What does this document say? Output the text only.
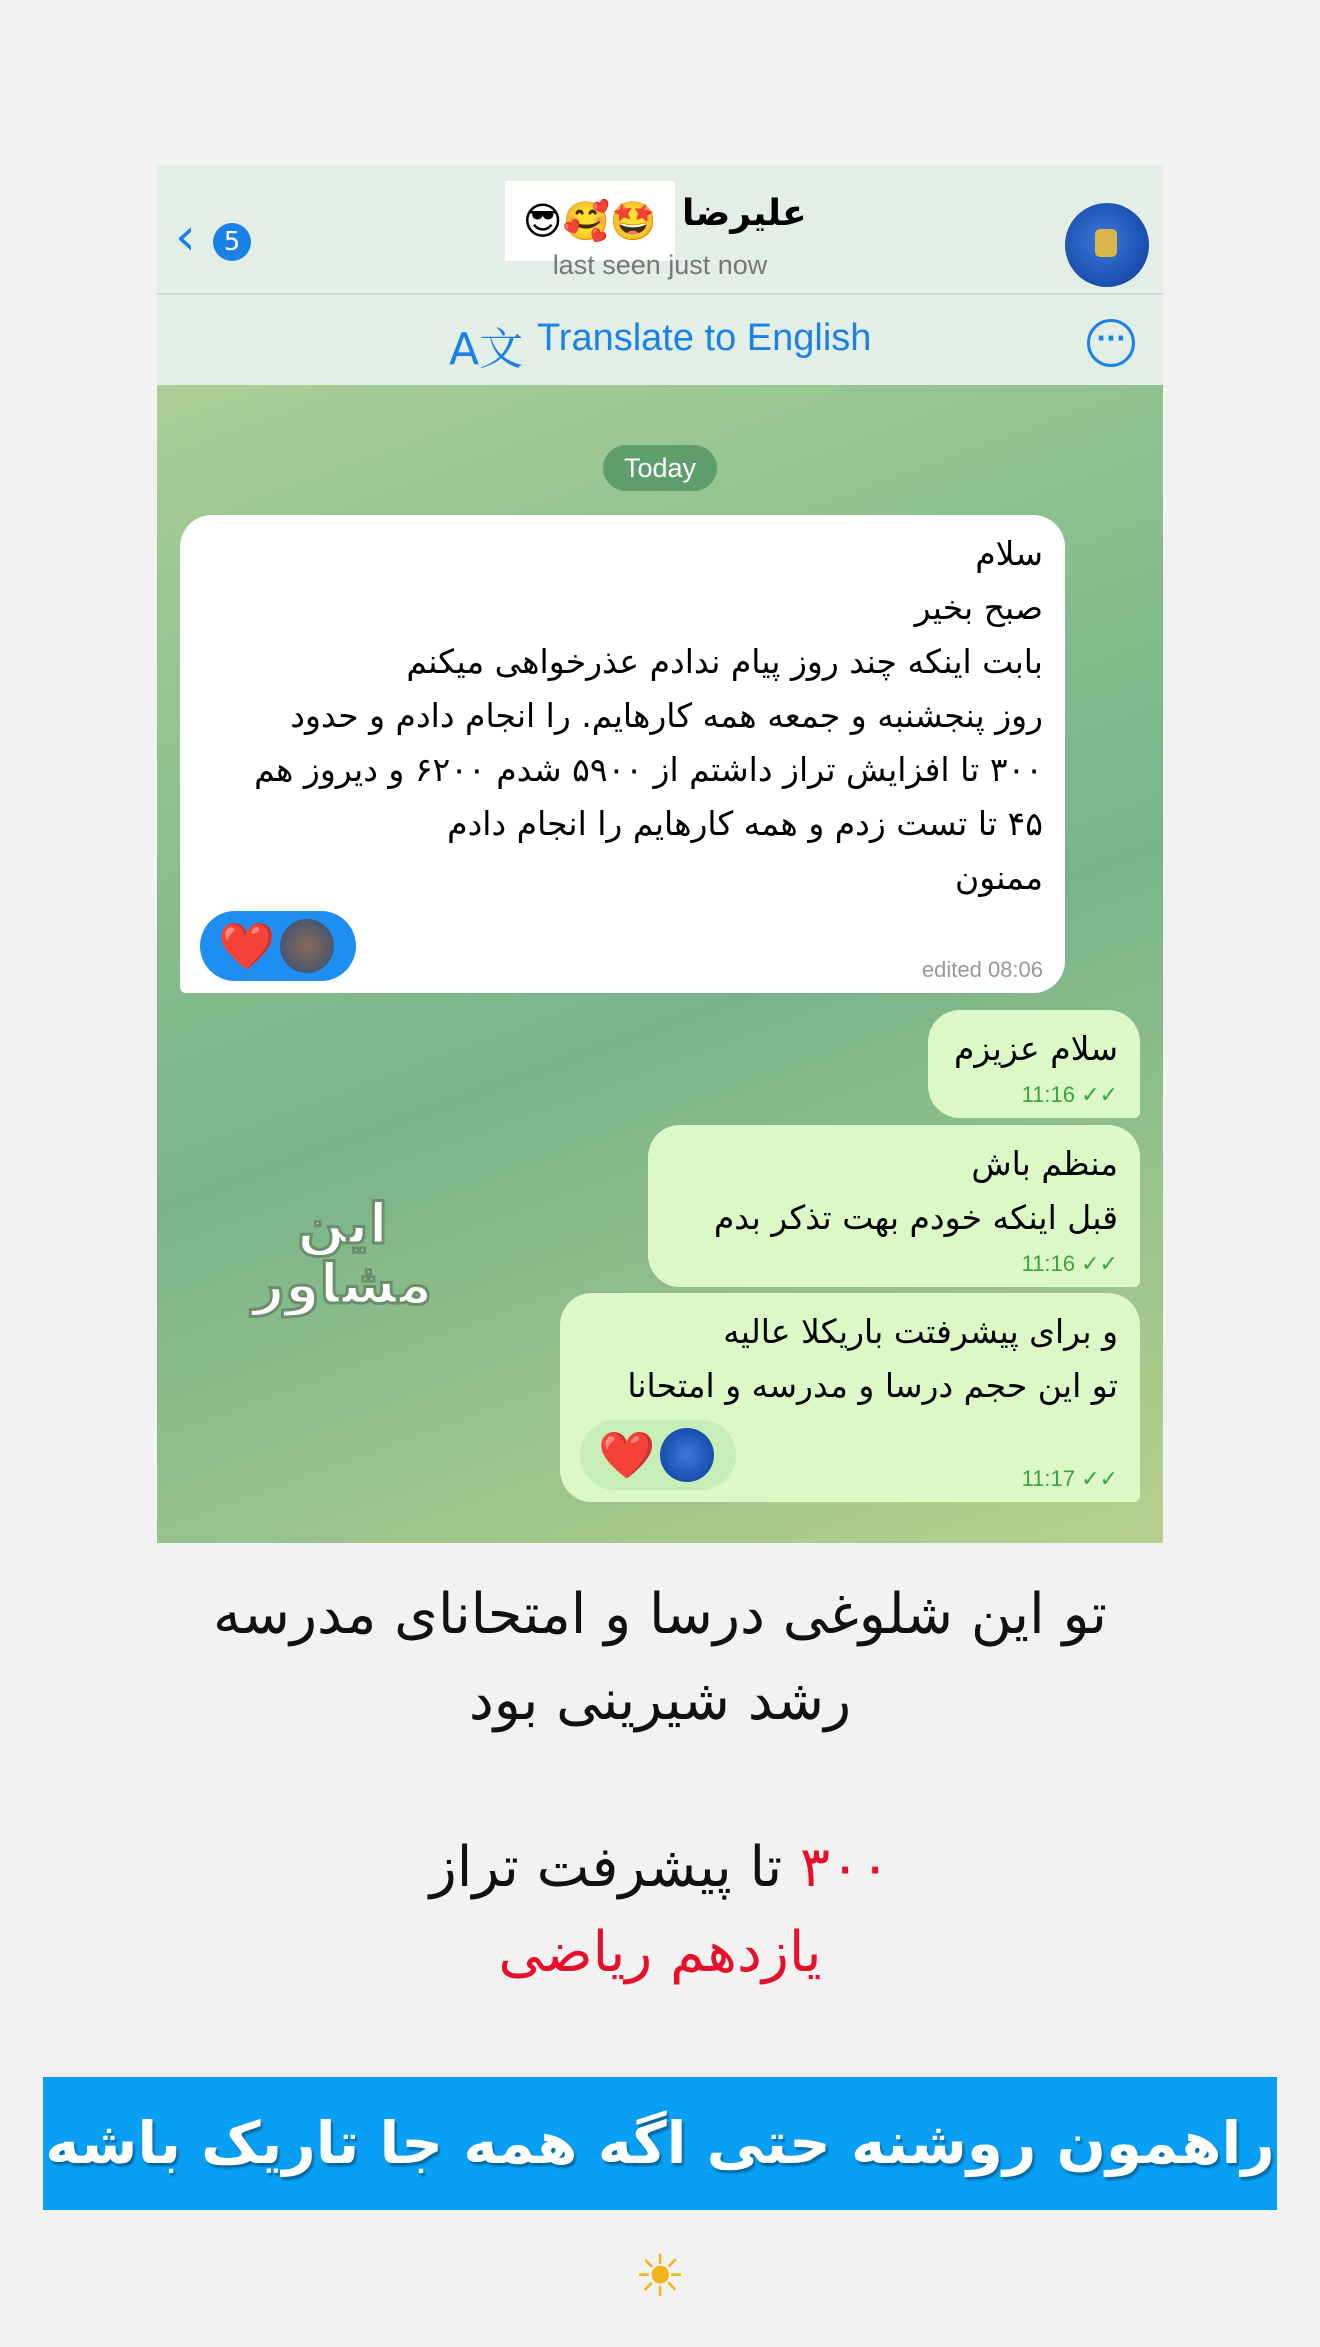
‹	5	😎🥰🤩 علیرضا
last seen just now
A文 Translate to English	···
Today
سلام
صبح بخیر
بابت اینکه چند روز پیام ندادم عذرخواهی میکنم
روز پنجشنبه و جمعه همه کارهایم. را انجام دادم و حدود
۳۰۰ تا افزایش تراز داشتم از ۵۹۰۰ شدم ۶۲۰۰ و دیروز هم
۴۵ تا تست زدم و همه کارهایم را انجام دادم
ممنون
❤️	edited 08:06
سلام عزیزم
11:16 ✓✓
منظم باش
قبل اینکه خودم بهت تذکر بدم
11:16 ✓✓
و برای پیشرفتت باریکلا عالیه
تو این حجم درسا و مدرسه و امتحانا
❤️	11:17 ✓✓
این
مشاور
تو این شلوغی درسا و امتحانای مدرسه
رشد شیرینی بود
۳۰۰ تا پیشرفت تراز
یازدهم ریاضی
راهمون روشنه حتی اگه همه جا تاریک باشه ☀
